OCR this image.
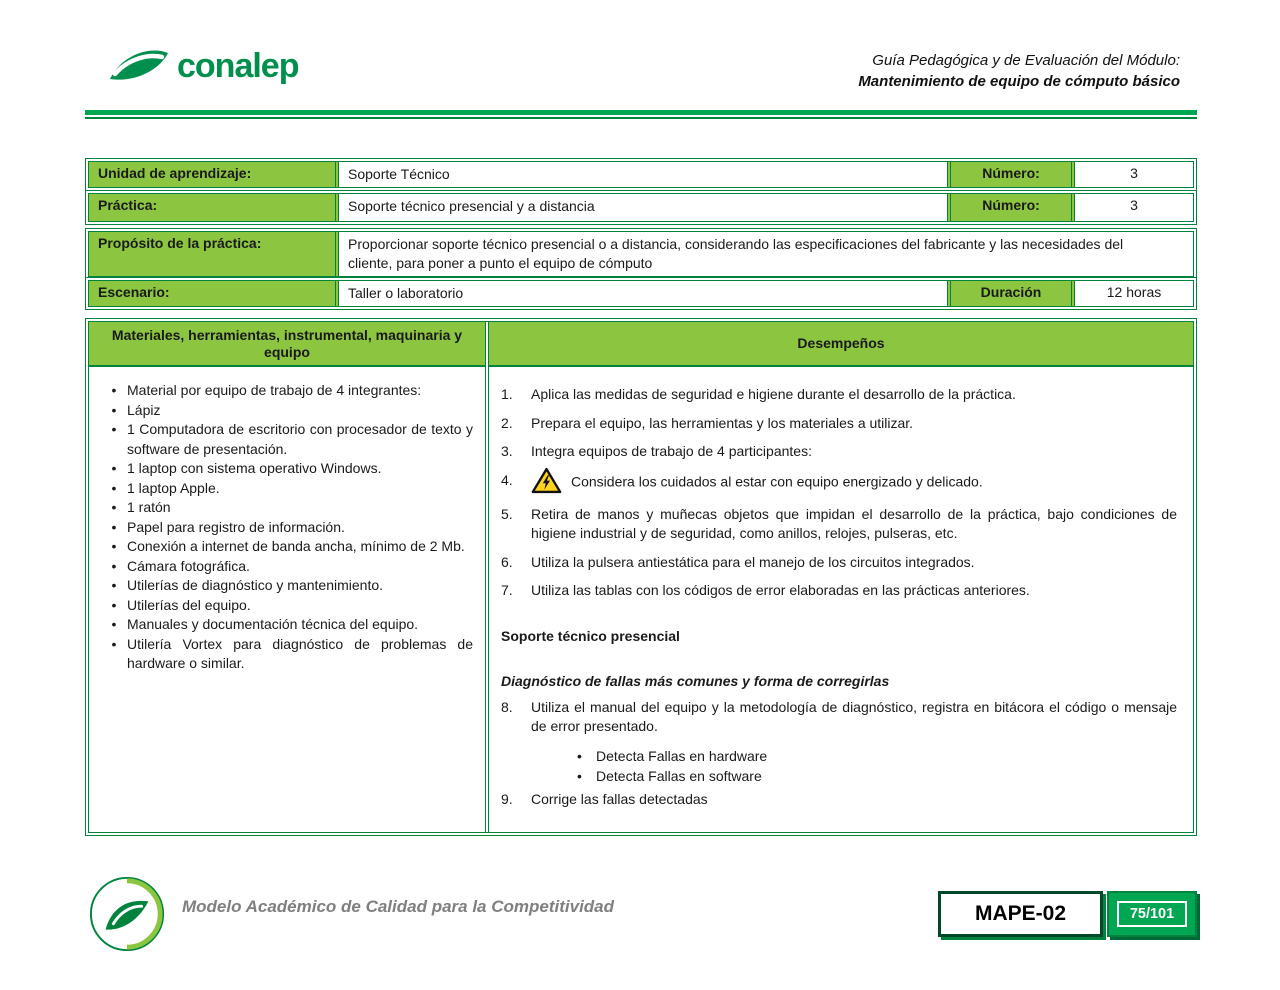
conalep	Guía Pedagógica y de Evaluación del Módulo:
Mantenimiento de equipo de cómputo básico
Unidad de aprendizaje:	Soporte Técnico	Número:	3
Práctica:	Soporte técnico presencial y a distancia	Número:	3
Propósito de la práctica:	Proporcionar soporte técnico presencial o a distancia, considerando las especificaciones del fabricante y las necesidades del cliente, para poner a punto el equipo de cómputo
Escenario:	Taller o laboratorio	Duración	12 horas
Materiales, herramientas, instrumental, maquinaria y equipo
• Material por equipo de trabajo de 4 integrantes:
• Lápiz
• 1 Computadora de escritorio con procesador de texto y software de presentación.
• 1 laptop con sistema operativo Windows.
• 1 laptop Apple.
• 1 ratón
• Papel para registro de información.
• Conexión a internet de banda ancha, mínimo de 2 Mb.
• Cámara fotográfica.
• Utilerías de diagnóstico y mantenimiento.
• Utilerías del equipo.
• Manuales y documentación técnica del equipo.
• Utilería Vortex para diagnóstico de problemas de hardware o similar.
Desempeños
1.	Aplica las medidas de seguridad e higiene durante el desarrollo de la práctica.
2.	Prepara el equipo, las herramientas y los materiales a utilizar.
3.	Integra equipos de trabajo de 4 participantes:
4.	Considera los cuidados al estar con equipo energizado y delicado.
5.	Retira de manos y muñecas objetos que impidan el desarrollo de la práctica, bajo condiciones de higiene industrial y de seguridad, como anillos, relojes, pulseras, etc.
6.	Utiliza la pulsera antiestática para el manejo de los circuitos integrados.
7.	Utiliza las tablas con los códigos de error elaboradas en las prácticas anteriores.
Soporte técnico presencial
Diagnóstico de fallas más comunes y forma de corregirlas
8.	Utiliza el manual del equipo y la metodología de diagnóstico, registra en bitácora el código o mensaje de error presentado.
•	Detecta Fallas en hardware
•	Detecta Fallas en software
9.	Corrige las fallas detectadas
Modelo Académico de Calidad para la Competitividad	MAPE-02	75/101
